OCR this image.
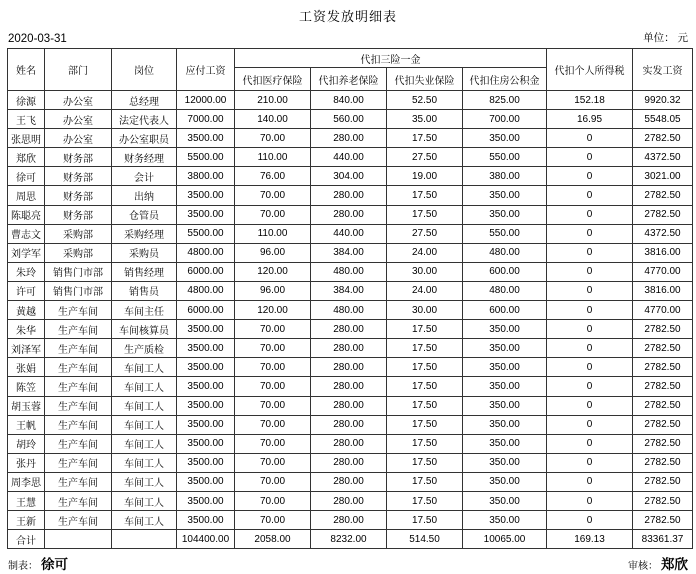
工资发放明细表
2020-03-31	单位： 元
姓名	部门	岗位	应付工资	代扣三险一金				代扣个人所得税	实发工资
				代扣医疗保险	代扣养老保险	代扣失业保险	代扣住房公积金		
徐源	办公室	总经理	12000.00	210.00	840.00	52.50	825.00	152.18	9920.32
王飞	办公室	法定代表人	7000.00	140.00	560.00	35.00	700.00	16.95	5548.05
张思明	办公室	办公室职员	3500.00	70.00	280.00	17.50	350.00	0	2782.50
郑欣	财务部	财务经理	5500.00	110.00	440.00	27.50	550.00	0	4372.50
徐可	财务部	会计	3800.00	76.00	304.00	19.00	380.00	0	3021.00
周思	财务部	出纳	3500.00	70.00	280.00	17.50	350.00	0	2782.50
陈聪亮	财务部	仓管员	3500.00	70.00	280.00	17.50	350.00	0	2782.50
曹志文	采购部	采购经理	5500.00	110.00	440.00	27.50	550.00	0	4372.50
刘学军	采购部	采购员	4800.00	96.00	384.00	24.00	480.00	0	3816.00
朱玲	销售门市部	销售经理	6000.00	120.00	480.00	30.00	600.00	0	4770.00
许可	销售门市部	销售员	4800.00	96.00	384.00	24.00	480.00	0	3816.00
黄越	生产车间	车间主任	6000.00	120.00	480.00	30.00	600.00	0	4770.00
朱华	生产车间	车间核算员	3500.00	70.00	280.00	17.50	350.00	0	2782.50
刘泽军	生产车间	生产质检	3500.00	70.00	280.00	17.50	350.00	0	2782.50
张娟	生产车间	车间工人	3500.00	70.00	280.00	17.50	350.00	0	2782.50
陈笠	生产车间	车间工人	3500.00	70.00	280.00	17.50	350.00	0	2782.50
胡玉蓉	生产车间	车间工人	3500.00	70.00	280.00	17.50	350.00	0	2782.50
王帆	生产车间	车间工人	3500.00	70.00	280.00	17.50	350.00	0	2782.50
胡玲	生产车间	车间工人	3500.00	70.00	280.00	17.50	350.00	0	2782.50
张丹	生产车间	车间工人	3500.00	70.00	280.00	17.50	350.00	0	2782.50
周李思	生产车间	车间工人	3500.00	70.00	280.00	17.50	350.00	0	2782.50
王慧	生产车间	车间工人	3500.00	70.00	280.00	17.50	350.00	0	2782.50
王新	生产车间	车间工人	3500.00	70.00	280.00	17.50	350.00	0	2782.50
合计			104400.00	2058.00	8232.00	514.50	10065.00	169.13	83361.37
制表： 徐可	审核： 郑欣
